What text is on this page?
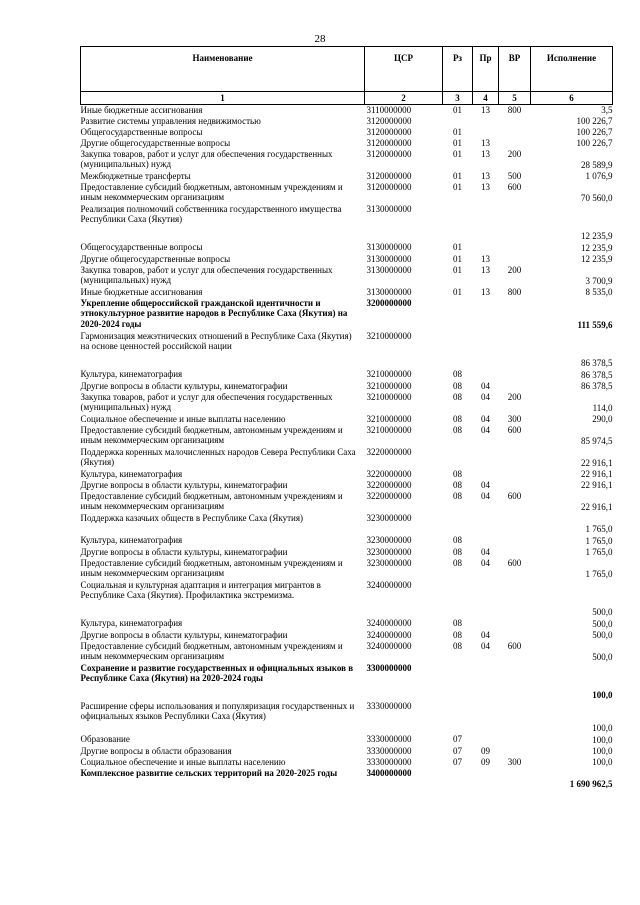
28
Наименование	ЦСР	Рз	Пр	ВР	Исполнение
1	2	3	4	5	6
Иные бюджетные ассигнования	3110000000	01	13	800	3,5
Развитие системы управления недвижимостью	3120000000				100 226,7
Общегосударственные вопросы	3120000000	01			100 226,7
Другие общегосударственные вопросы	3120000000	01	13		100 226,7
Закупка товаров, работ и услуг для обеспечения государственных (муниципальных) нужд	3120000000	01	13	200	28 589,9
Межбюджетные трансферты	3120000000	01	13	500	1 076,9
Предоставление субсидий бюджетным, автономным учреждениям и иным некоммерческим организациям	3120000000	01	13	600	70 560,0
Реализация полномочий собственника государственного имущества Республики Саха (Якутия)	3130000000				12 235,9
Общегосударственные вопросы	3130000000	01			12 235,9
Другие общегосударственные вопросы	3130000000	01	13		12 235,9
Закупка товаров, работ и услуг для обеспечения государственных (муниципальных) нужд	3130000000	01	13	200	3 700,9
Иные бюджетные ассигнования	3130000000	01	13	800	8 535,0
Укрепление общероссийской гражданской идентичности и этнокультурное развитие народов в Республике Саха (Якутия) на 2020-2024 годы	3200000000				111 559,6
Гармонизация межэтнических отношений в Республике Саха (Якутия) на основе ценностей российской нации	3210000000				86 378,5
Культура, кинематография	3210000000	08			86 378,5
Другие вопросы в области культуры, кинематографии	3210000000	08	04		86 378,5
Закупка товаров, работ и услуг для обеспечения государственных (муниципальных) нужд	3210000000	08	04	200	114,0
Социальное обеспечение и иные выплаты населению	3210000000	08	04	300	290,0
Предоставление субсидий бюджетным, автономным учреждениям и иным некоммерческим организациям	3210000000	08	04	600	85 974,5
Поддержка коренных малочисленных народов Севера Республики Саха (Якутия)	3220000000				22 916,1
Культура, кинематография	3220000000	08			22 916,1
Другие вопросы в области культуры, кинематографии	3220000000	08	04		22 916,1
Предоставление субсидий бюджетным, автономным учреждениям и иным некоммерческим организациям	3220000000	08	04	600	22 916,1
Поддержка казачьих обществ в Республике Саха (Якутия)	3230000000				1 765,0
Культура, кинематография	3230000000	08			1 765,0
Другие вопросы в области культуры, кинематографии	3230000000	08	04		1 765,0
Предоставление субсидий бюджетным, автономным учреждениям и иным некоммерческим организациям	3230000000	08	04	600	1 765,0
Социальная и культурная адаптация и интеграция мигрантов в Республике Саха (Якутия). Профилактика экстремизма.	3240000000				500,0
Культура, кинематография	3240000000	08			500,0
Другие вопросы в области культуры, кинематографии	3240000000	08	04		500,0
Предоставление субсидий бюджетным, автономным учреждениям и иным некоммерческим организациям	3240000000	08	04	600	500,0
Сохранение и развитие государственных и официальных языков в Республике Саха (Якутия) на 2020-2024 годы	3300000000				100,0
Расширение сферы использования и популяризация государственных и официальных языков Республики Саха (Якутия)	3330000000				100,0
Образование	3330000000	07			100,0
Другие вопросы в области образования	3330000000	07	09		100,0
Социальное обеспечение и иные выплаты населению	3330000000	07	09	300	100,0
Комплексное развитие сельских территорий на 2020-2025 годы	3400000000				1 690 962,5
